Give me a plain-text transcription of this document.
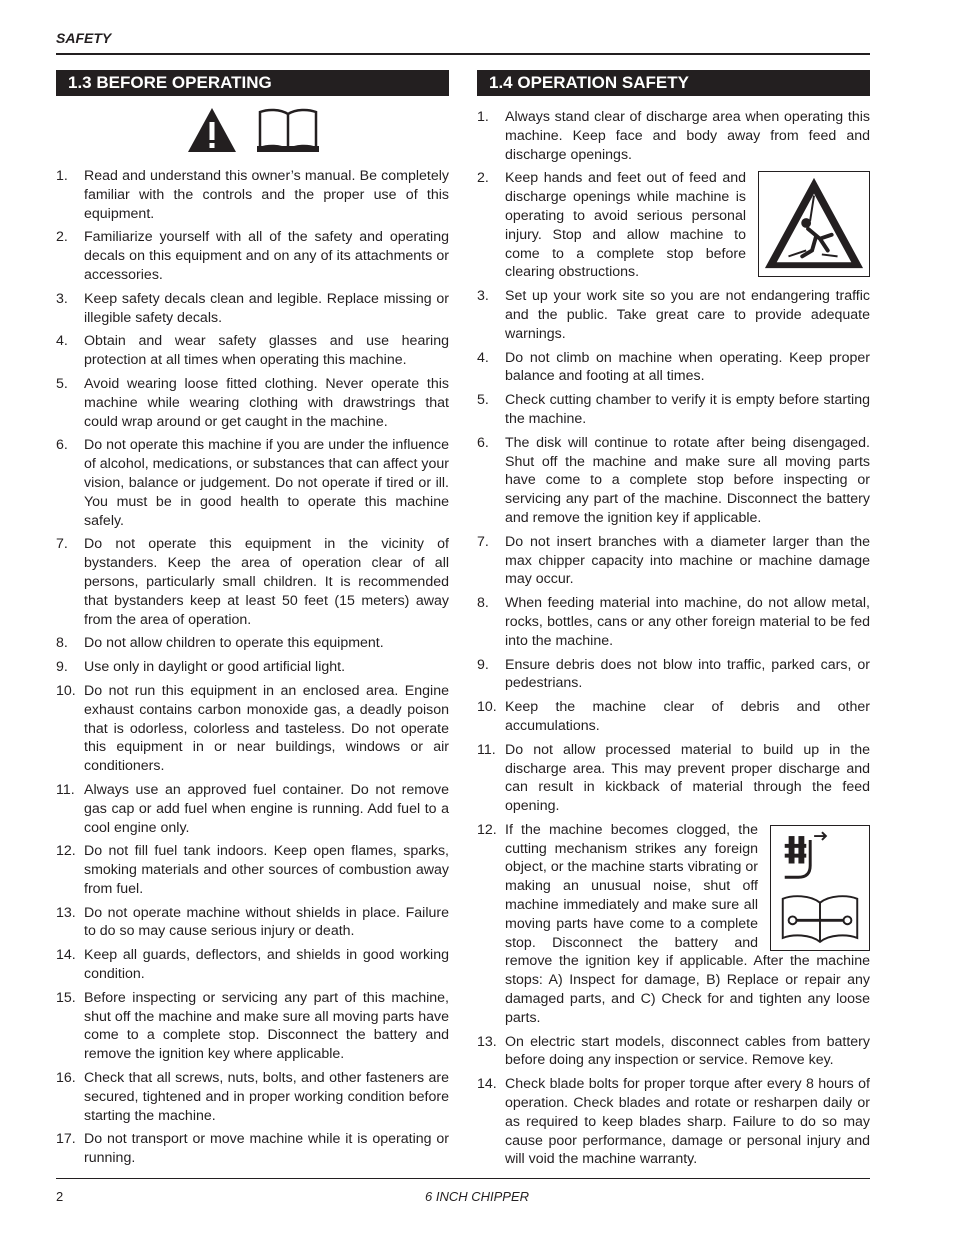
SAFETY
1.3 BEFORE OPERATING
1. Read and understand this owner’s manual. Be completely familiar with the controls and the proper use of this equipment.
2. Familiarize yourself with all of the safety and operating decals on this equipment and on any of its attachments or accessories.
3. Keep safety decals clean and legible. Replace missing or illegible safety decals.
4. Obtain and wear safety glasses and use hearing protection at all times when operating this machine.
5. Avoid wearing loose fitted clothing. Never operate this machine while wearing clothing with drawstrings that could wrap around or get caught in the machine.
6. Do not operate this machine if you are under the influence of alcohol, medications, or substances that can affect your vision, balance or judgement. Do not operate if tired or ill. You must be in good health to operate this machine safely.
7. Do not operate this equipment in the vicinity of bystanders. Keep the area of operation clear of all persons, particularly small children. It is recommended that bystanders keep at least 50 feet (15 meters) away from the area of operation.
8. Do not allow children to operate this equipment.
9. Use only in daylight or good artificial light.
10. Do not run this equipment in an enclosed area. Engine exhaust contains carbon monoxide gas, a deadly poison that is odorless, colorless and tasteless. Do not operate this equipment in or near buildings, windows or air conditioners.
11. Always use an approved fuel container. Do not remove gas cap or add fuel when engine is running. Add fuel to a cool engine only.
12. Do not fill fuel tank indoors. Keep open flames, sparks, smoking materials and other sources of combustion away from fuel.
13. Do not operate machine without shields in place. Failure to do so may cause serious injury or death.
14. Keep all guards, deflectors, and shields in good working condition.
15. Before inspecting or servicing any part of this machine, shut off the machine and make sure all moving parts have come to a complete stop. Disconnect the battery and remove the ignition key where applicable.
16. Check that all screws, nuts, bolts, and other fasteners are secured, tightened and in proper working condition before starting the machine.
17. Do not transport or move machine while it is operating or running.
1.4 OPERATION SAFETY
1. Always stand clear of discharge area when operating this machine. Keep face and body away from feed and discharge openings.
2. Keep hands and feet out of feed and discharge openings while machine is operating to avoid serious personal injury. Stop and allow machine to come to a complete stop before clearing obstructions.
3. Set up your work site so you are not endangering traffic and the public. Take great care to provide adequate warnings.
4. Do not climb on machine when operating. Keep proper balance and footing at all times.
5. Check cutting chamber to verify it is empty before starting the machine.
6. The disk will continue to rotate after being disengaged. Shut off the machine and make sure all moving parts have come to a complete stop before inspecting or servicing any part of the machine. Disconnect the battery and remove the ignition key if applicable.
7. Do not insert branches with a diameter larger than the max chipper capacity into machine or machine damage may occur.
8. When feeding material into machine, do not allow metal, rocks, bottles, cans or any other foreign material to be fed into the machine.
9. Ensure debris does not blow into traffic, parked cars, or pedestrians.
10. Keep the machine clear of debris and other accumulations.
11. Do not allow processed material to build up in the discharge area. This may prevent proper discharge and can result in kickback of material through the feed opening.
12. If the machine becomes clogged, the cutting mechanism strikes any foreign object, or the machine starts vibrating or making an unusual noise, shut off machine immediately and make sure all moving parts have come to a complete stop. Disconnect the battery and remove the ignition key if applicable. After the machine stops: A) Inspect for damage, B) Replace or repair any damaged parts, and C) Check for and tighten any loose parts.
13. On electric start models, disconnect cables from battery before doing any inspection or service. Remove key.
14. Check blade bolts for proper torque after every 8 hours of operation. Check blades and rotate or resharpen daily or as required to keep blades sharp. Failure to do so may cause poor performance, damage or personal injury and will void the machine warranty.
2	6 INCH CHIPPER
